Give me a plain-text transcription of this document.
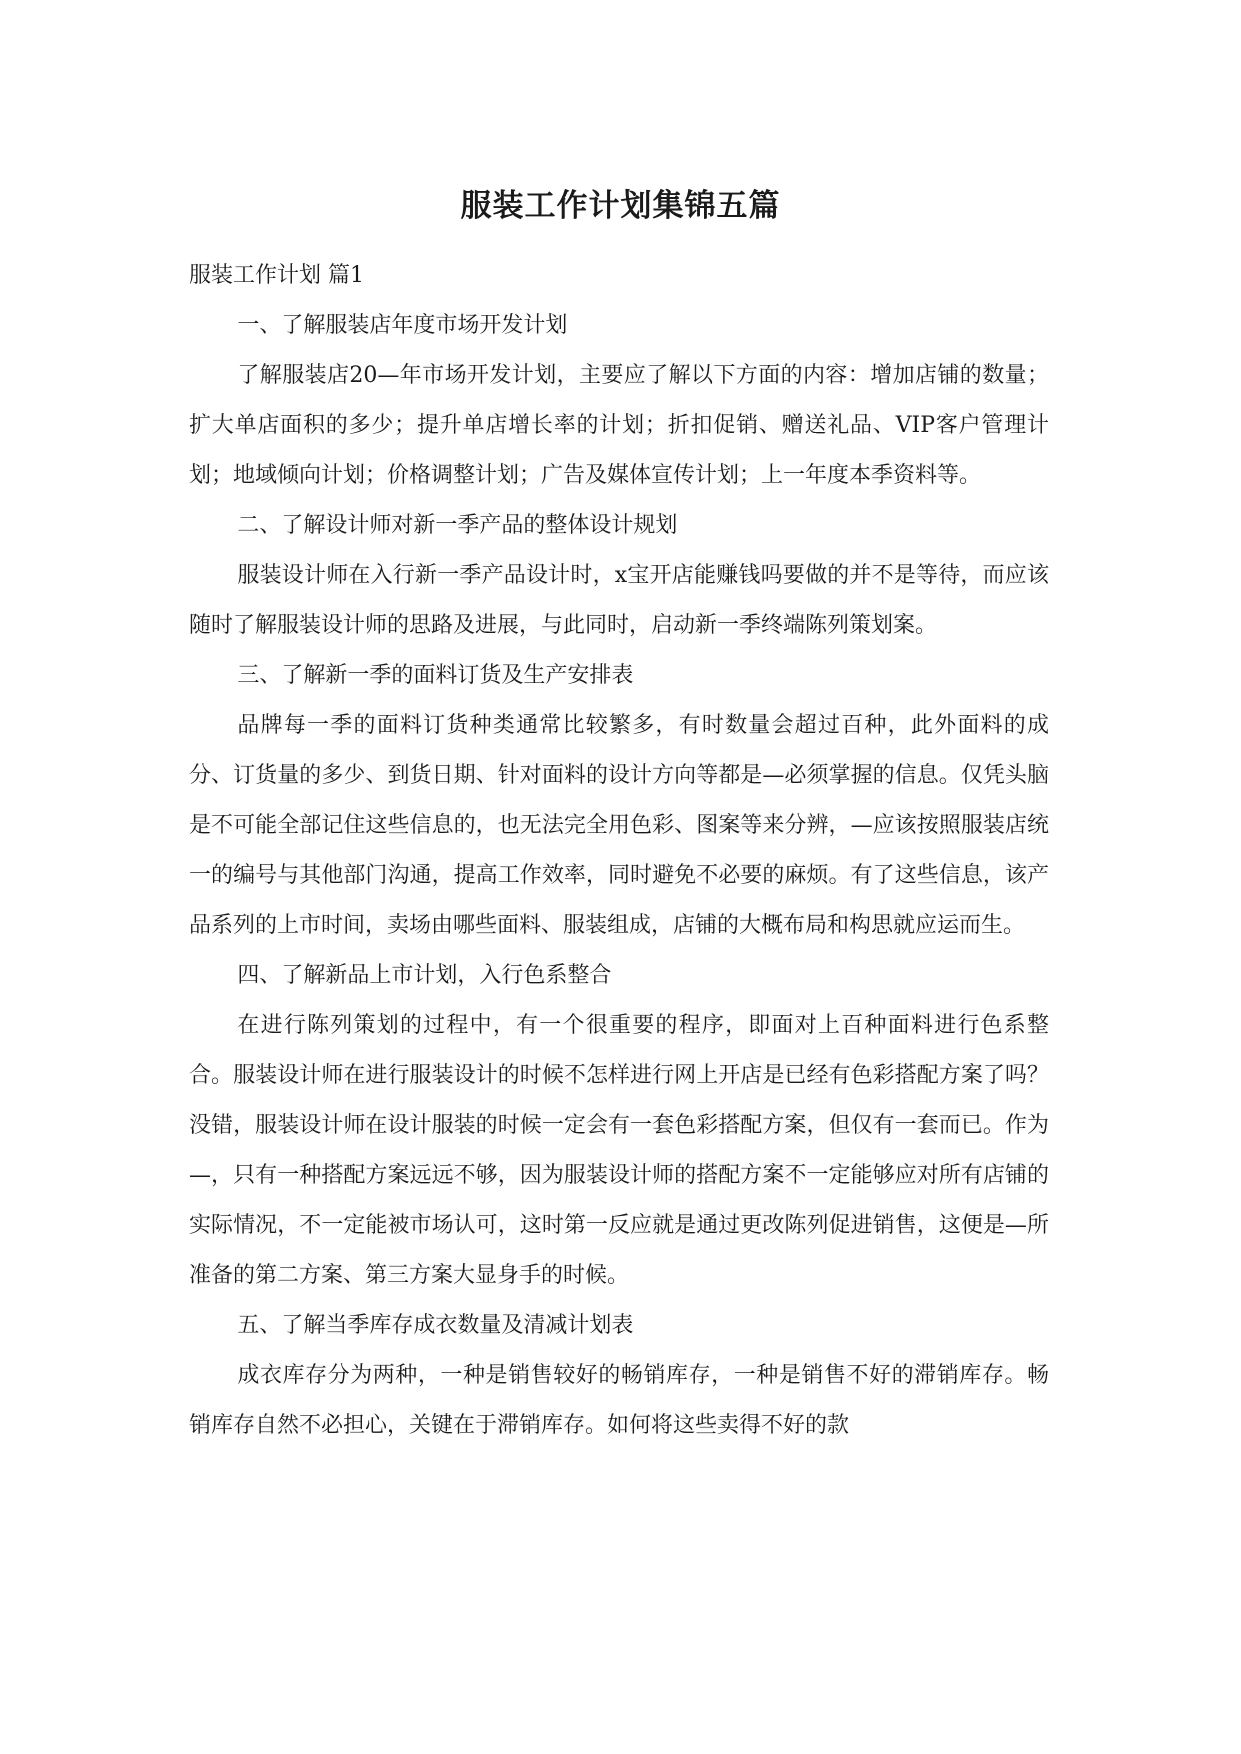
服装工作计划集锦五篇

服装工作计划 篇1

一、了解服装店年度市场开发计划

了解服装店20—年市场开发计划，主要应了解以下方面的内容：增加店铺的数量；扩大单店面积的多少；提升单店增长率的计划；折扣促销、赠送礼品、VIP客户管理计划；地域倾向计划；价格调整计划；广告及媒体宣传计划；上一年度本季资料等。

二、了解设计师对新一季产品的整体设计规划

服装设计师在入行新一季产品设计时，x宝开店能赚钱吗要做的并不是等待，而应该随时了解服装设计师的思路及进展，与此同时，启动新一季终端陈列策划案。

三、了解新一季的面料订货及生产安排表

品牌每一季的面料订货种类通常比较繁多，有时数量会超过百种，此外面料的成分、订货量的多少、到货日期、针对面料的设计方向等都是—必须掌握的信息。仅凭头脑是不可能全部记住这些信息的，也无法完全用色彩、图案等来分辨，—应该按照服装店统一的编号与其他部门沟通，提高工作效率，同时避免不必要的麻烦。有了这些信息，该产品系列的上市时间，卖场由哪些面料、服装组成，店铺的大概布局和构思就应运而生。

四、了解新品上市计划，入行色系整合

在进行陈列策划的过程中，有一个很重要的程序，即面对上百种面料进行色系整合。服装设计师在进行服装设计的时候不怎样进行网上开店是已经有色彩搭配方案了吗？没错，服装设计师在设计服装的时候一定会有一套色彩搭配方案，但仅有一套而已。作为—，只有一种搭配方案远远不够，因为服装设计师的搭配方案不一定能够应对所有店铺的实际情况，不一定能被市场认可，这时第一反应就是通过更改陈列促进销售，这便是—所准备的第二方案、第三方案大显身手的时候。

五、了解当季库存成衣数量及清减计划表

成衣库存分为两种，一种是销售较好的畅销库存，一种是销售不好的滞销库存。畅销库存自然不必担心，关键在于滞销库存。如何将这些卖得不好的款
